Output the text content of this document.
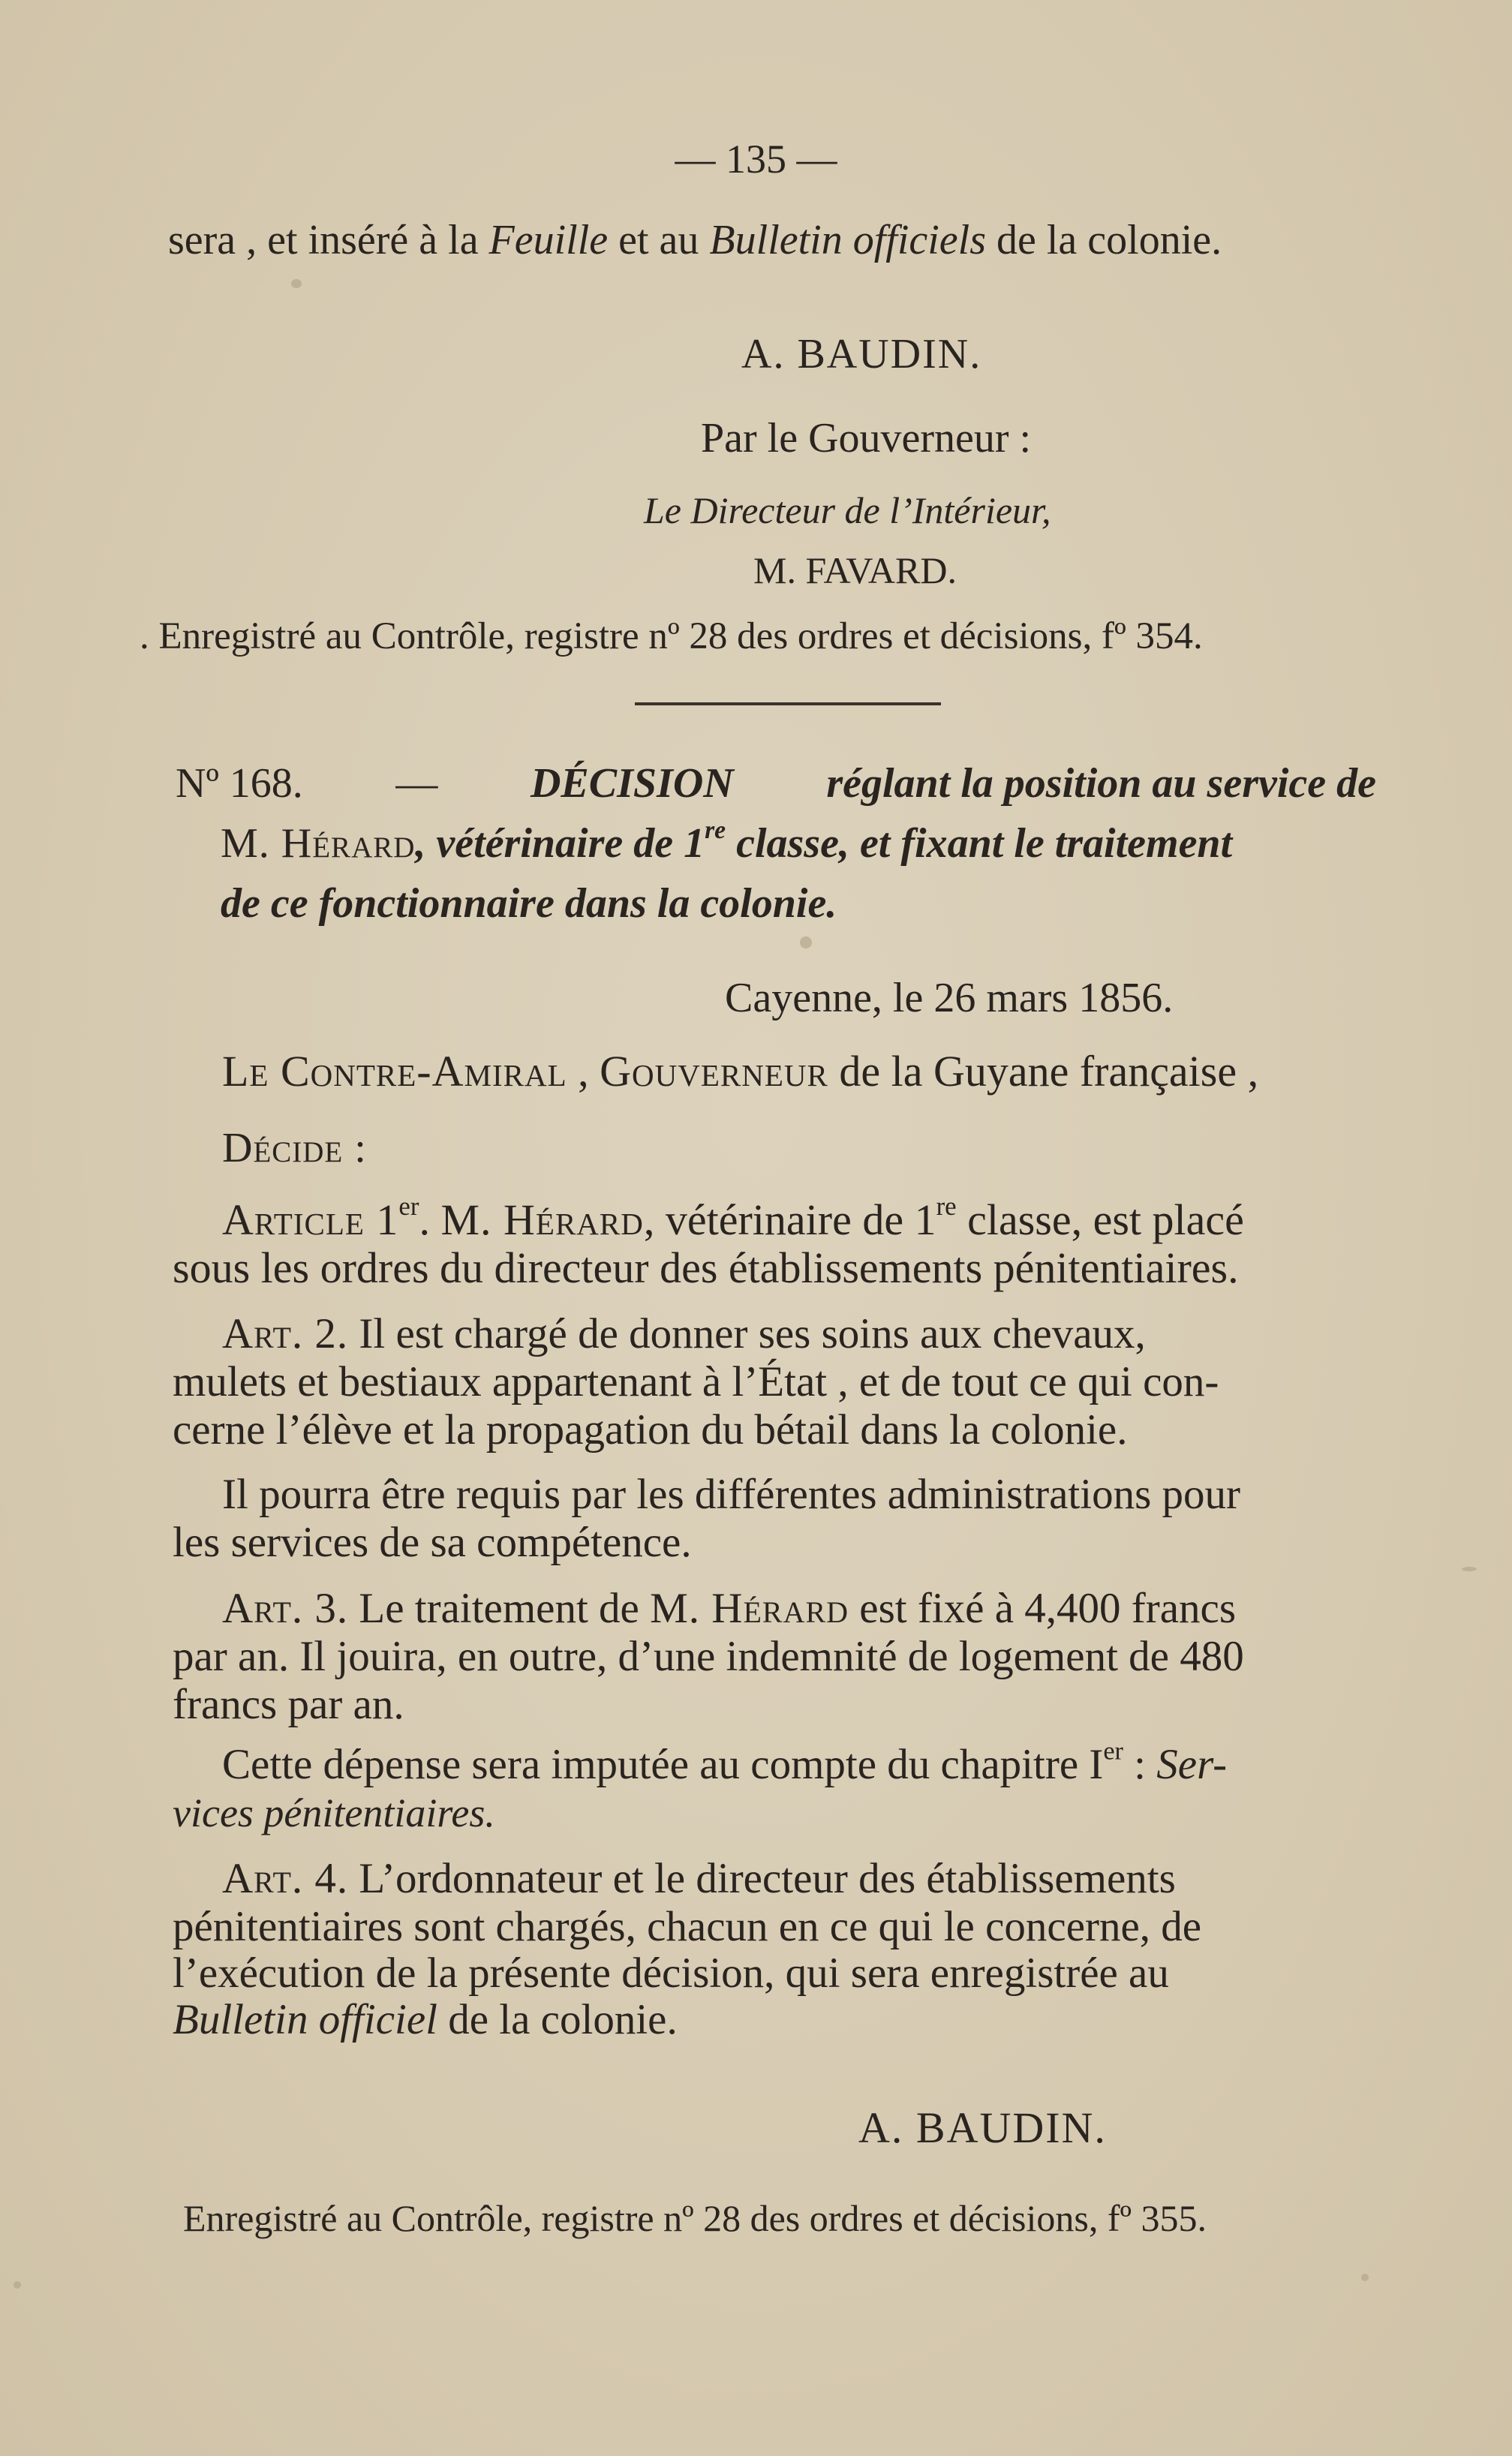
— 135 —
sera , et inséré à la Feuille et au Bulletin officiels de la colonie.
A. BAUDIN.
Par le Gouverneur :
Le Directeur de l’Intérieur,
M. FAVARD.
. Enregistré au Contrôle, registre nº 28 des ordres et décisions, fº 354.
Nº 168. — DÉCISION réglant la position au service de
M. Hérard, vétérinaire de 1re classe, et fixant le traitement
de ce fonctionnaire dans la colonie.
Cayenne, le 26 mars 1856.
Le Contre-Amiral , Gouverneur de la Guyane française ,
Décide :
Article 1er. M. Hérard, vétérinaire de 1re classe, est placé
sous les ordres du directeur des établissements pénitentiaires.
Art. 2. Il est chargé de donner ses soins aux chevaux,
mulets et bestiaux appartenant à l’État , et de tout ce qui con-
cerne l’élève et la propagation du bétail dans la colonie.
Il pourra être requis par les différentes administrations pour
les services de sa compétence.
Art. 3. Le traitement de M. Hérard est fixé à 4,400 francs
par an. Il jouira, en outre, d’une indemnité de logement de 480
francs par an.
Cette dépense sera imputée au compte du chapitre Ier : Ser-
vices pénitentiaires.
Art. 4. L’ordonnateur et le directeur des établissements
pénitentiaires sont chargés, chacun en ce qui le concerne, de
l’exécution de la présente décision, qui sera enregistrée au
Bulletin officiel de la colonie.
A. BAUDIN.
Enregistré au Contrôle, registre nº 28 des ordres et décisions, fº 355.
